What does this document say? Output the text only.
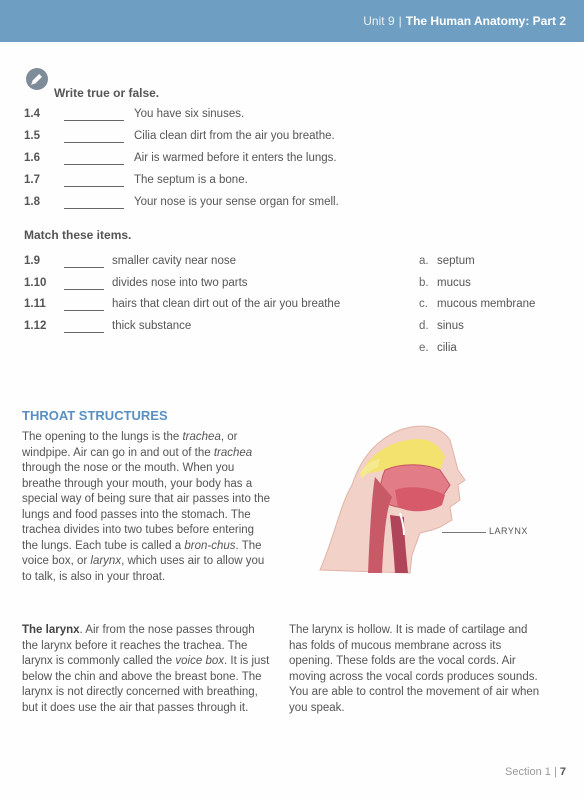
Unit 9 | The Human Anatomy: Part 2
Write true or false.
1.4	You have six sinuses.
1.5	Cilia clean dirt from the air you breathe.
1.6	Air is warmed before it enters the lungs.
1.7	The septum is a bone.
1.8	Your nose is your sense organ for smell.
Match these items.
1.9	smaller cavity near nose
1.10	divides nose into two parts
1.11	hairs that clean dirt out of the air you breathe
1.12	thick substance
a. septum
b. mucus
c. mucous membrane
d. sinus
e. cilia
THROAT STRUCTURES
The opening to the lungs is the trachea, or windpipe. Air can go in and out of the trachea through the nose or the mouth. When you breathe through your mouth, your body has a special way of being sure that air passes into the lungs and food passes into the stomach. The trachea divides into two tubes before entering the lungs. Each tube is called a bron-chus. The voice box, or larynx, which uses air to allow you to talk, is also in your throat.
LARYNX
The larynx. Air from the nose passes through the larynx before it reaches the trachea. The larynx is commonly called the voice box. It is just below the chin and above the breast bone. The larynx is not directly concerned with breathing, but it does use the air that passes through it.
The larynx is hollow. It is made of cartilage and has folds of mucous membrane across its opening. These folds are the vocal cords. Air moving across the vocal cords produces sounds. You are able to control the movement of air when you speak.
Section 1 | 7
